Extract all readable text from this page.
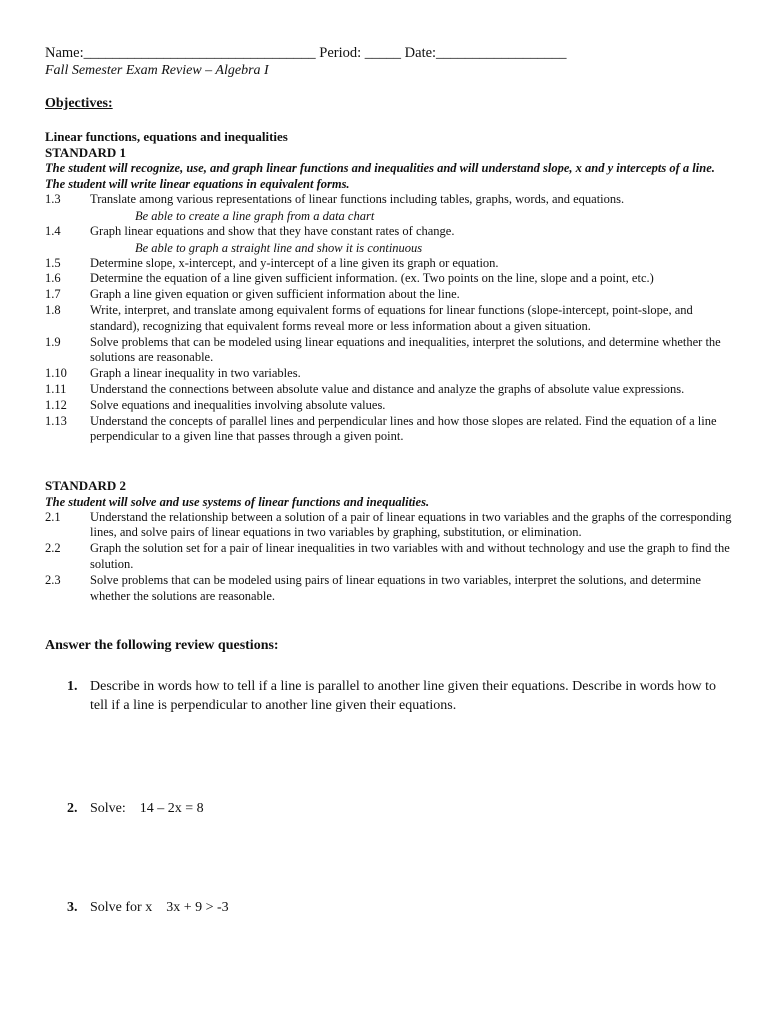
Name:________________________________ Period: _____ Date:__________________
Fall Semester Exam Review – Algebra I
Objectives:
Linear functions, equations and inequalities
STANDARD 1
The student will recognize, use, and graph linear functions and inequalities and will understand slope, x and y intercepts of a line. The student will write linear equations in equivalent forms.
1.3	Translate among various representations of linear functions including tables, graphs, words, and equations.
Be able to create a line graph from a data chart
1.4	Graph linear equations and show that they have constant rates of change.
Be able to graph a straight line and show it is continuous
1.5	Determine slope, x-intercept, and y-intercept of a line given its graph or equation.
1.6	Determine the equation of a line given sufficient information. (ex. Two points on the line, slope and a point, etc.)
1.7	Graph a line given equation or given sufficient information about the line.
1.8	Write, interpret, and translate among equivalent forms of equations for linear functions (slope-intercept, point-slope, and standard), recognizing that equivalent forms reveal more or less information about a given situation.
1.9	Solve problems that can be modeled using linear equations and inequalities, interpret the solutions, and determine whether the solutions are reasonable.
1.10	Graph a linear inequality in two variables.
1.11	Understand the connections between absolute value and distance and analyze the graphs of absolute value expressions.
1.12	Solve equations and inequalities involving absolute values.
1.13	Understand the concepts of parallel lines and perpendicular lines and how those slopes are related. Find the equation of a line perpendicular to a given line that passes through a given point.
STANDARD 2
The student will solve and use systems of linear functions and inequalities.
2.1	Understand the relationship between a solution of a pair of linear equations in two variables and the graphs of the corresponding lines, and solve pairs of linear equations in two variables by graphing, substitution, or elimination.
2.2	Graph the solution set for a pair of linear inequalities in two variables with and without technology and use the graph to find the solution.
2.3	Solve problems that can be modeled using pairs of linear equations in two variables, interpret the solutions, and determine whether the solutions are reasonable.
Answer the following review questions:
1. Describe in words how to tell if a line is parallel to another line given their equations. Describe in words how to tell if a line is perpendicular to another line given their equations.
2. Solve: 14 – 2x = 8
3. Solve for x 3x + 9 > -3
